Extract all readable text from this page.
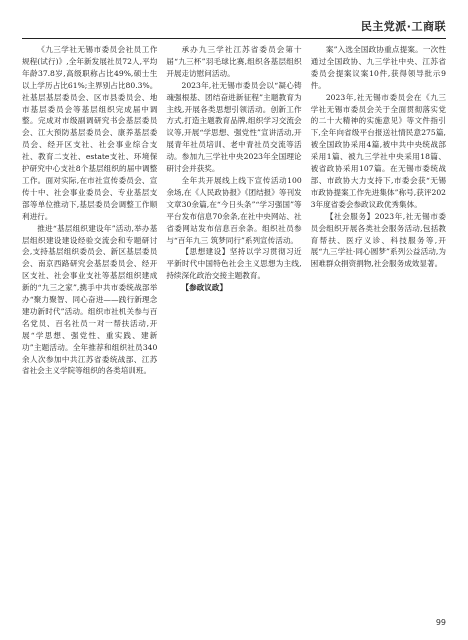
民主党派·工商联

《九三学社无锡市委员会社员工作规程(试行)》,全年新发展社员72人,平均年龄37.8岁,高级职称占比49%,硕士生以上学历占比61%;主界别占比80.3%。社基层基层委员会、区市县委员会、地市基层委员会等基层组织完成届中调整。完成对市级副调研究书会基层委员会、江大预防基层委员会、康养基层委员会、经开区支社、社会事业综合支社、教育二支社、estate支社、环境保护研究中心支社8个基层组织的届中调整工作。面对实际,在市社宣传委员会、宣传十中、社会事业委员会、专业基层支部等单位推动下,基层委员会调整工作顺利进行。

推进“基层组织建设年”活动,举办基层组织建设建设经验交流会和专题研讨会,支持基层组织委员会、新区基层委员会、南京西路研究会基层委员会、经开区支社、社会事业支社等基层组织建成新的“九三之家”,携手中共市委统战部举办“聚力聚智、同心奋进——践行新理念 建功新时代”活动。组织市社机关参与百名党员、百名社员一对一帮扶活动,开展“学思想、强党性、重实践、建新功”主题活动。全年推荐和组织社员340余人次参加中共江苏省委统战部、江苏省社会主义学院等组织的各类培训班。

承办九三学社江苏省委员会第十届“九三杯”羽毛球比赛,组织各基层组织开展走访慰问活动。

2023年,社无锡市委员会以“凝心铸魂强根基、团结奋进新征程”主题教育为主线,开展各类思想引领活动。创新工作方式,打造主题教育品牌,组织学习交流会议等,开展“学思想、强党性”宣讲活动,开展青年社员培训、老中青社员交流等活动。参加九三学社中央2023年全国理论研讨会并获奖。

全年共开展线上线下宣传活动100余场,在《人民政协报》《团结报》等刊发文章30余篇,在“今日头条”“学习强国”等平台发布信息70余条,在社中央网站、社省委网站发布信息百余条。组织社员参与“百年九三 筑梦同行”系列宣传活动。

【思想建设】坚持以学习贯彻习近平新时代中国特色社会主义思想为主线,持续深化政治交接主题教育。

【参政议政】

案”入选全国政协重点提案。一次性通过全国政协、九三学社中央、江苏省委员会提案议案10件,获得领导批示9件。

2023年,社无锡市委员会在《九三学社无锡市委员会关于全面贯彻落实党的二十大精神的实施意见》等文件指引下,全年向省级平台报送社情民意275篇,被全国政协采用4篇,被中共中央统战部采用1篇、被九三学社中央采用18篇、被省政协采用107篇。在无锡市委统战部、市政协大力支持下,市委会获“无锡市政协提案工作先进集体”称号,获评2023年度省委会参政议政优秀集体。

【社会服务】2023年,社无锡市委员会组织开展各类社会服务活动,包括教育帮扶、医疗义诊、科技服务等,开展“九三学社·同心圆梦”系列公益活动,为困难群众捐资捐物,社会服务成效显著。

99
